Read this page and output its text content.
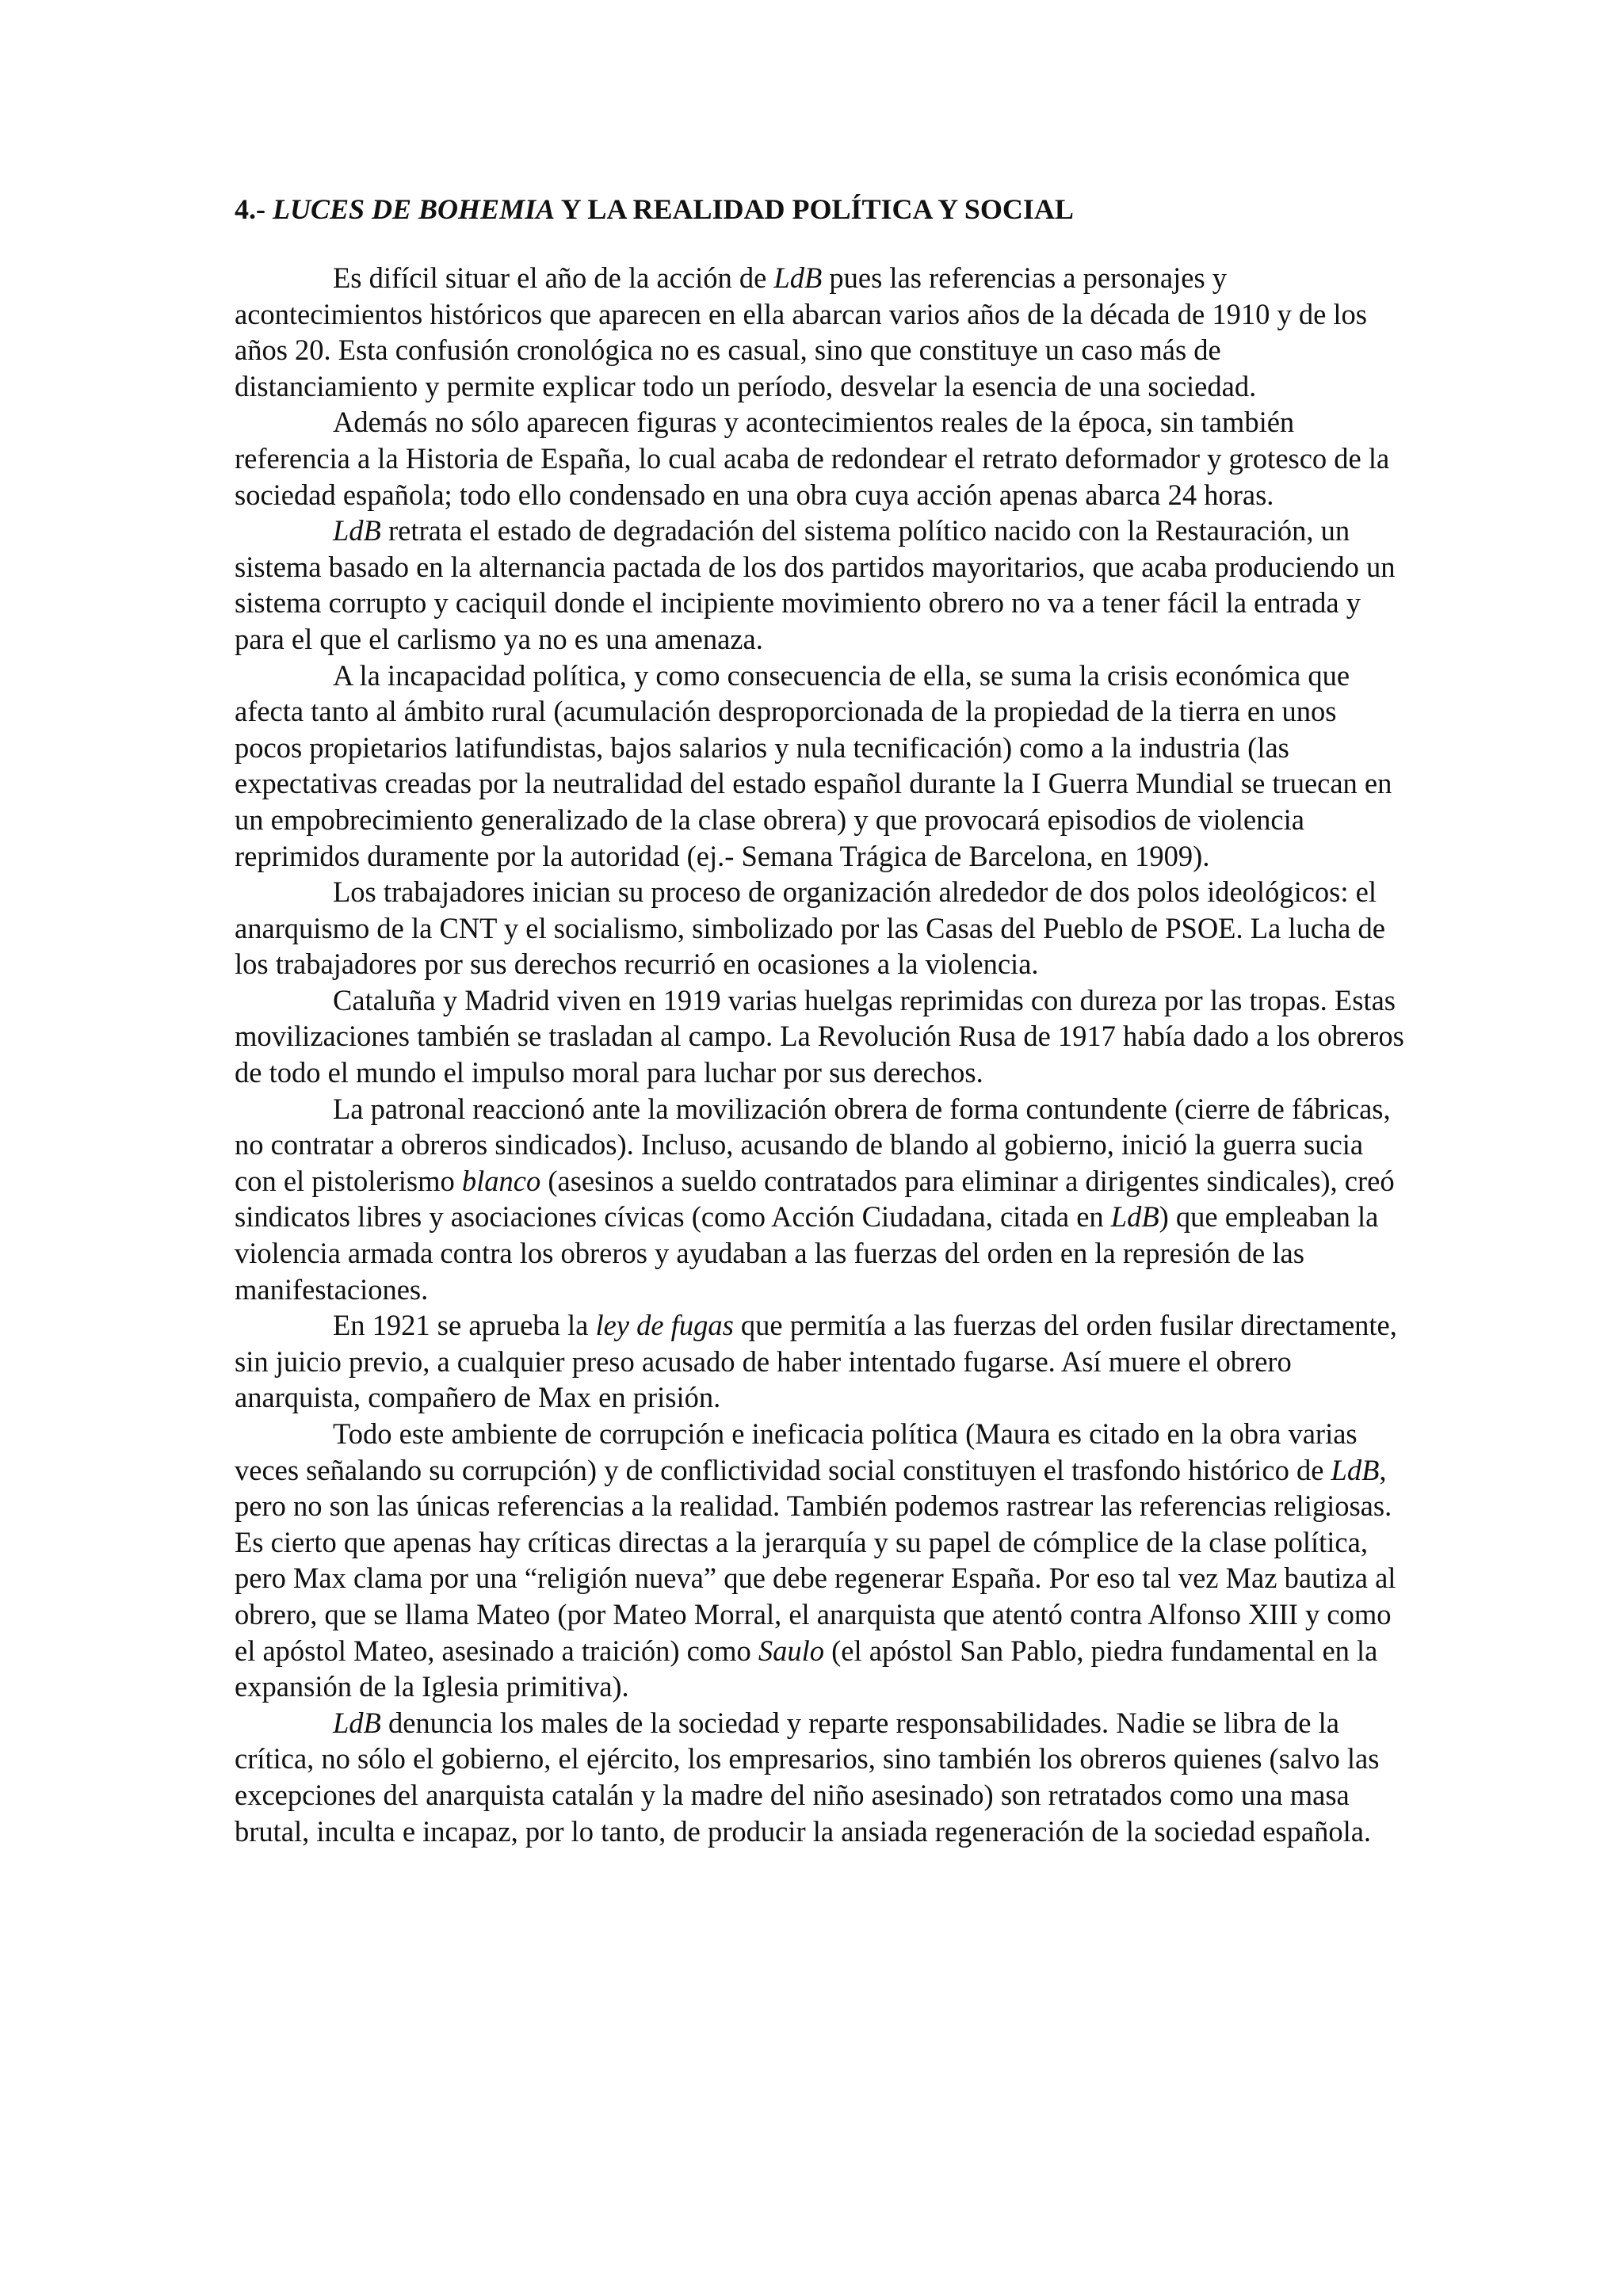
4.- LUCES DE BOHEMIA Y LA REALIDAD POLÍTICA Y SOCIAL

Es difícil situar el año de la acción de LdB pues las referencias a personajes y acontecimientos históricos que aparecen en ella abarcan varios años de la década de 1910 y de los años 20. Esta confusión cronológica no es casual, sino que constituye un caso más de distanciamiento y permite explicar todo un período, desvelar la esencia de una sociedad.

Además no sólo aparecen figuras y acontecimientos reales de la época, sin también referencia a la Historia de España, lo cual acaba de redondear el retrato deformador y grotesco de la sociedad española; todo ello condensado en una obra cuya acción apenas abarca 24 horas.

LdB retrata el estado de degradación del sistema político nacido con la Restauración, un sistema basado en la alternancia pactada de los dos partidos mayoritarios, que acaba produciendo un sistema corrupto y caciquil donde el incipiente movimiento obrero no va a tener fácil la entrada y para el que el carlismo ya no es una amenaza.

A la incapacidad política, y como consecuencia de ella, se suma la crisis económica que afecta tanto al ámbito rural (acumulación desproporcionada de la propiedad de la tierra en unos pocos propietarios latifundistas, bajos salarios y nula tecnificación) como a la industria (las expectativas creadas por la neutralidad del estado español durante la I Guerra Mundial se truecan en un empobrecimiento generalizado de la clase obrera) y que provocará episodios de violencia reprimidos duramente por la autoridad (ej.- Semana Trágica de Barcelona, en 1909).

Los trabajadores inician su proceso de organización alrededor de dos polos ideológicos: el anarquismo de la CNT y el socialismo, simbolizado por las Casas del Pueblo de PSOE. La lucha de los trabajadores por sus derechos recurrió en ocasiones a la violencia.

Cataluña y Madrid viven en 1919 varias huelgas reprimidas con dureza por las tropas. Estas movilizaciones también se trasladan al campo. La Revolución Rusa de 1917 había dado a los obreros de todo el mundo el impulso moral para luchar por sus derechos.

La patronal reaccionó ante la movilización obrera de forma contundente (cierre de fábricas, no contratar a obreros sindicados). Incluso, acusando de blando al gobierno, inició la guerra sucia con el pistolerismo blanco (asesinos a sueldo contratados para eliminar a dirigentes sindicales), creó sindicatos libres y asociaciones cívicas (como Acción Ciudadana, citada en LdB) que empleaban la violencia armada contra los obreros y ayudaban a las fuerzas del orden en la represión de las manifestaciones.

En 1921 se aprueba la ley de fugas que permitía a las fuerzas del orden fusilar directamente, sin juicio previo, a cualquier preso acusado de haber intentado fugarse. Así muere el obrero anarquista, compañero de Max en prisión.

Todo este ambiente de corrupción e ineficacia política (Maura es citado en la obra varias veces señalando su corrupción) y de conflictividad social constituyen el trasfondo histórico de LdB, pero no son las únicas referencias a la realidad. También podemos rastrear las referencias religiosas. Es cierto que apenas hay críticas directas a la jerarquía y su papel de cómplice de la clase política, pero Max clama por una “religión nueva” que debe regenerar España. Por eso tal vez Maz bautiza al obrero, que se llama Mateo (por Mateo Morral, el anarquista que atentó contra Alfonso XIII y como el apóstol Mateo, asesinado a traición) como Saulo (el apóstol San Pablo, piedra fundamental en la expansión de la Iglesia primitiva).

LdB denuncia los males de la sociedad y reparte responsabilidades. Nadie se libra de la crítica, no sólo el gobierno, el ejército, los empresarios, sino también los obreros quienes (salvo las excepciones del anarquista catalán y la madre del niño asesinado) son retratados como una masa brutal, inculta e incapaz, por lo tanto, de producir la ansiada regeneración de la sociedad española.
